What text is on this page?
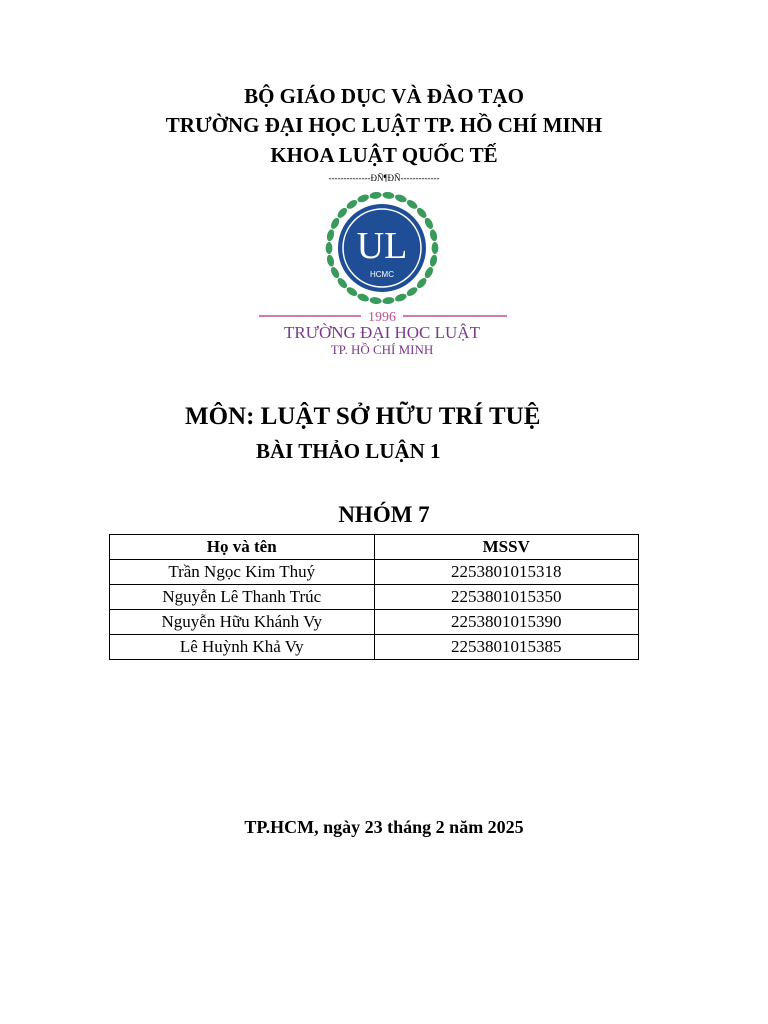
BỘ GIÁO DỤC VÀ ĐÀO TẠO
TRƯỜNG ĐẠI HỌC LUẬT TP. HỒ CHÍ MINH
KHOA LUẬT QUỐC TẾ
--------------ĐÑ¶ĐÑ-------------
UL
HCMC
1996
TRƯỜNG ĐẠI HỌC LUẬT
TP. HỒ CHÍ MINH
MÔN: LUẬT SỞ HỮU TRÍ TUỆ
BÀI THẢO LUẬN 1
NHÓM 7
Họ và tên	MSSV
Trần Ngọc Kim Thuý	2253801015318
Nguyễn Lê Thanh Trúc	2253801015350
Nguyễn Hữu Khánh Vy	2253801015390
Lê Huỳnh Khả Vy	2253801015385
TP.HCM, ngày 23 tháng 2 năm 2025
